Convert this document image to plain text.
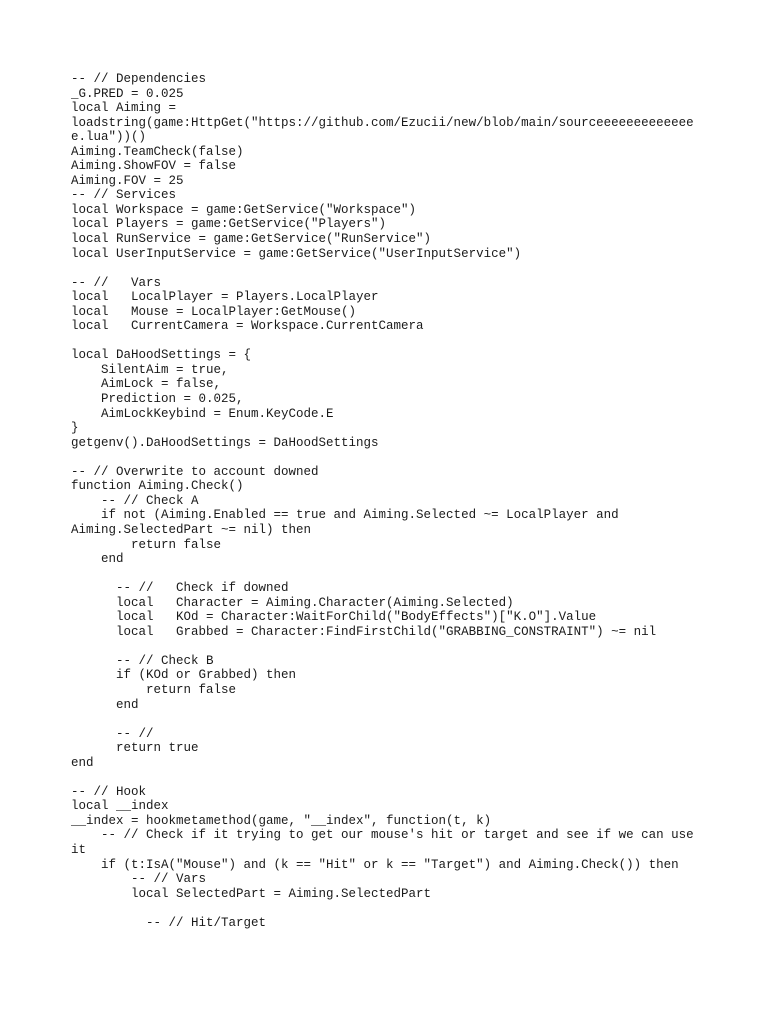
-- // Dependencies
_G.PRED = 0.025
local Aiming =
loadstring(game:HttpGet("https://github.com/Ezucii/new/blob/main/sourceeeeeeeeeeeee
e.lua"))()
Aiming.TeamCheck(false)
Aiming.ShowFOV = false
Aiming.FOV = 25
-- // Services
local Workspace = game:GetService("Workspace")
local Players = game:GetService("Players")
local RunService = game:GetService("RunService")
local UserInputService = game:GetService("UserInputService")
-- //   Vars
local   LocalPlayer = Players.LocalPlayer
local   Mouse = LocalPlayer:GetMouse()
local   CurrentCamera = Workspace.CurrentCamera
local DaHoodSettings = {
SilentAim = true,
AimLock = false,
Prediction = 0.025,
AimLockKeybind = Enum.KeyCode.E
}
getgenv().DaHoodSettings = DaHoodSettings
-- // Overwrite to account downed
function Aiming.Check()
-- // Check A
if not (Aiming.Enabled == true and Aiming.Selected ~= LocalPlayer and
Aiming.SelectedPart ~= nil) then
return false
end
-- //   Check if downed
local   Character = Aiming.Character(Aiming.Selected)
local   KOd = Character:WaitForChild("BodyEffects")["K.O"].Value
local   Grabbed = Character:FindFirstChild("GRABBING_CONSTRAINT") ~= nil
-- // Check B
if (KOd or Grabbed) then
return false
end
-- //
return true
end
-- // Hook
local __index
__index = hookmetamethod(game, "__index", function(t, k)
-- // Check if it trying to get our mouse's hit or target and see if we can use
it
if (t:IsA("Mouse") and (k == "Hit" or k == "Target") and Aiming.Check()) then
-- // Vars
local SelectedPart = Aiming.SelectedPart
-- // Hit/Target
